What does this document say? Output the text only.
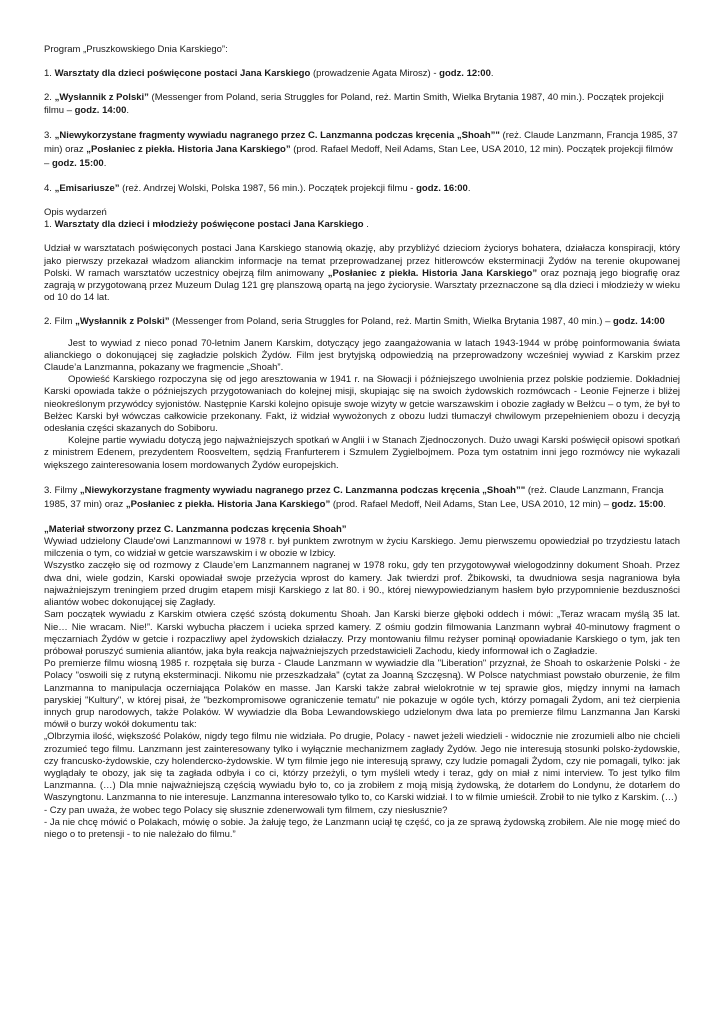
Program „Pruszkowskiego Dnia Karskiego”:

1. Warsztaty dla dzieci poświęcone postaci Jana Karskiego (prowadzenie Agata Mirosz) - godz. 12:00.

2. „Wysłannik z Polski” (Messenger from Poland, seria Struggles for Poland, reż. Martin Smith, Wielka Brytania 1987, 40 min.). Początek projekcji filmu – godz. 14:00.

3. „Niewykorzystane fragmenty wywiadu nagranego przez C. Lanzmanna podczas kręcenia „Shoah”" (reż. Claude Lanzmann, Francja 1985, 37 min) oraz „Posłaniec z piekła. Historia Jana Karskiego” (prod. Rafael Medoff, Neil Adams, Stan Lee, USA 2010, 12 min). Początek projekcji filmów – godz. 15:00.

4. „Emisariusze” (reż. Andrzej Wolski, Polska 1987, 56 min.). Początek projekcji filmu - godz. 16:00.

Opis wydarzeń

1. Warsztaty dla dzieci i młodzieży poświęcone postaci Jana Karskiego .

Udział w warsztatach poświęconych postaci Jana Karskiego stanowią okazję, aby przybliżyć dzieciom życiorys bohatera, działacza konspiracji, który jako pierwszy przekazał władzom alianckim informacje na temat przeprowadzanej przez hitlerowców eksterminacji Żydów na terenie okupowanej Polski. W ramach warsztatów uczestnicy obejrzą film animowany „Posłaniec z piekła. Historia Jana Karskiego” oraz poznają jego biografię oraz zagrają w przygotowaną przez Muzeum Dulag 121 grę planszową opartą na jego życiorysie. Warsztaty przeznaczone są dla dzieci i młodzieży w wieku od 10 do 14 lat.

2. Film „Wysłannik z Polski” (Messenger from Poland, seria Struggles for Poland, reż. Martin Smith, Wielka Brytania 1987, 40 min.) – godz. 14:00

Jest to wywiad z nieco ponad 70-letnim Janem Karskim, dotyczący jego zaangażowania w latach 1943-1944 w próbę poinformowania świata alianckiego o dokonującej się zagładzie polskich Żydów. Film jest brytyjską odpowiedzią na przeprowadzony wcześniej wywiad z Karskim przez Claude’a Lanzmanna, pokazany we fragmencie „Shoah”.

Opowieść Karskiego rozpoczyna się od jego aresztowania w 1941 r. na Słowacji i późniejszego uwolnienia przez polskie podziemie. Dokładniej Karski opowiada także o późniejszych przygotowaniach do kolejnej misji, skupiając się na swoich żydowskich rozmówcach - Leonie Fejnerze i bliżej nieokreślonym przywódcy syjonistów. Następnie Karski kolejno opisuje swoje wizyty w getcie warszawskim i obozie zagłady w Bełżcu – o tym, że był to Bełżec Karski był wówczas całkowicie przekonany. Fakt, iż widział wywożonych z obozu ludzi tłumaczył chwilowym przepełnieniem obozu i decyzją odesłania części skazanych do Sobiboru.

Kolejne partie wywiadu dotyczą jego najważniejszych spotkań w Anglii i w Stanach Zjednoczonych. Dużo uwagi Karski poświęcił opisowi spotkań z ministrem Edenem, prezydentem Roosveltem, sędzią Franfurterem i Szmulem Zygielbojmem. Poza tym ostatnim inni jego rozmówcy nie wykazali większego zainteresowania losem mordowanych Żydów europejskich.

3. Filmy „Niewykorzystane fragmenty wywiadu nagranego przez C. Lanzmanna podczas kręcenia „Shoah”" (reż. Claude Lanzmann, Francja 1985, 37 min) oraz „Posłaniec z piekła. Historia Jana Karskiego” (prod. Rafael Medoff, Neil Adams, Stan Lee, USA 2010, 12 min) – godz. 15:00.

„Materiał stworzony przez C. Lanzmanna podczas kręcenia Shoah”

Wywiad udzielony Claude'owi Lanzmannowi w 1978 r. był punktem zwrotnym w życiu Karskiego. Jemu pierwszemu opowiedział po trzydziestu latach milczenia o tym, co widział w getcie warszawskim i w obozie w Izbicy.

Wszystko zaczęło się od rozmowy z Claude’em Lanzmannem nagranej w 1978 roku, gdy ten przygotowywał wielogodzinny dokument Shoah. Przez dwa dni, wiele godzin, Karski opowiadał swoje przeżycia wprost do kamery. Jak twierdzi prof. Żbikowski, ta dwudniowa sesja nagraniowa była najważniejszym treningiem przed drugim etapem misji Karskiego z lat 80. i 90., której niewypowiedzianym hasłem było przypomnienie bezduszności aliantów wobec dokonującej się Zagłady.

Sam początek wywiadu z Karskim otwiera część szóstą dokumentu Shoah. Jan Karski bierze głęboki oddech i mówi: „Teraz wracam myślą 35 lat. Nie… Nie wracam. Nie!”. Karski wybucha płaczem i ucieka sprzed kamery. Z ośmiu godzin filmowania Lanzmann wybrał 40-minutowy fragment o męczarniach Żydów w getcie i rozpaczliwy apel żydowskich działaczy. Przy montowaniu filmu reżyser pominął opowiadanie Karskiego o tym, jak ten próbował poruszyć sumienia aliantów, jaka była reakcja najważniejszych przedstawicieli Zachodu, kiedy informował ich o Zagładzie.

Po premierze filmu wiosną 1985 r. rozpętała się burza - Claude Lanzmann w wywiadzie dla "Liberation" przyznał, że Shoah to oskarżenie Polski - że Polacy "oswoili się z rutyną eksterminacji. Nikomu nie przeszkadzała" (cytat za Joanną Szczęsną). W Polsce natychmiast powstało oburzenie, że film Lanzmanna to manipulacja oczerniająca Polaków en masse. Jan Karski także zabrał wielokrotnie w tej sprawie głos, między innymi na łamach paryskiej "Kultury", w której pisał, że "bezkompromisowe ograniczenie tematu" nie pokazuje w ogóle tych, którzy pomagali Żydom, ani też cierpienia innych grup narodowych, także Polaków. W wywiadzie dla Boba Lewandowskiego udzielonym dwa lata po premierze filmu Lanzmanna Jan Karski mówił o burzy wokół dokumentu tak:

„Olbrzymia ilość, większość Polaków, nigdy tego filmu nie widziała. Po drugie, Polacy - nawet jeżeli wiedzieli - widocznie nie zrozumieli albo nie chcieli zrozumieć tego filmu. Lanzmann jest zainteresowany tylko i wyłącznie mechanizmem zagłady Żydów. Jego nie interesują stosunki polsko-żydowskie, czy francusko-żydowskie, czy holenderско-żydowskie. W tym filmie jego nie interesują sprawy, czy ludzie pomagali Żydom, czy nie pomagali, tylko: jak wyglądały te obozy, jak się ta zagłada odbyła i co ci, którzy przeżyli, o tym myśleli wtedy i teraz, gdy on miał z nimi interview. To jest tylko film Lanzmanna. (…) Dla mnie najważniejszą częścią wywiadu było to, co ja zrobiłem z moją misją żydowską, że dotarłem do Londynu, że dotarłem do Waszyngtonu. Lanzmanna to nie interesuje. Lanzmanna interesowało tylko to, co Karski widział. I to w filmie umieścił. Zrobił to nie tylko z Karskim. (…)

- Czy pan uważa, że wobec tego Polacy się słusznie zdenerwowali tym filmem, czy niesłusznie?

- Ja nie chcę mówić o Polakach, mówię o sobie. Ja żałuję tego, że Lanzmann uciął tę część, co ja ze sprawą żydowską zrobiłem. Ale nie mogę mieć do niego o to pretensji - to nie należało do filmu.”
